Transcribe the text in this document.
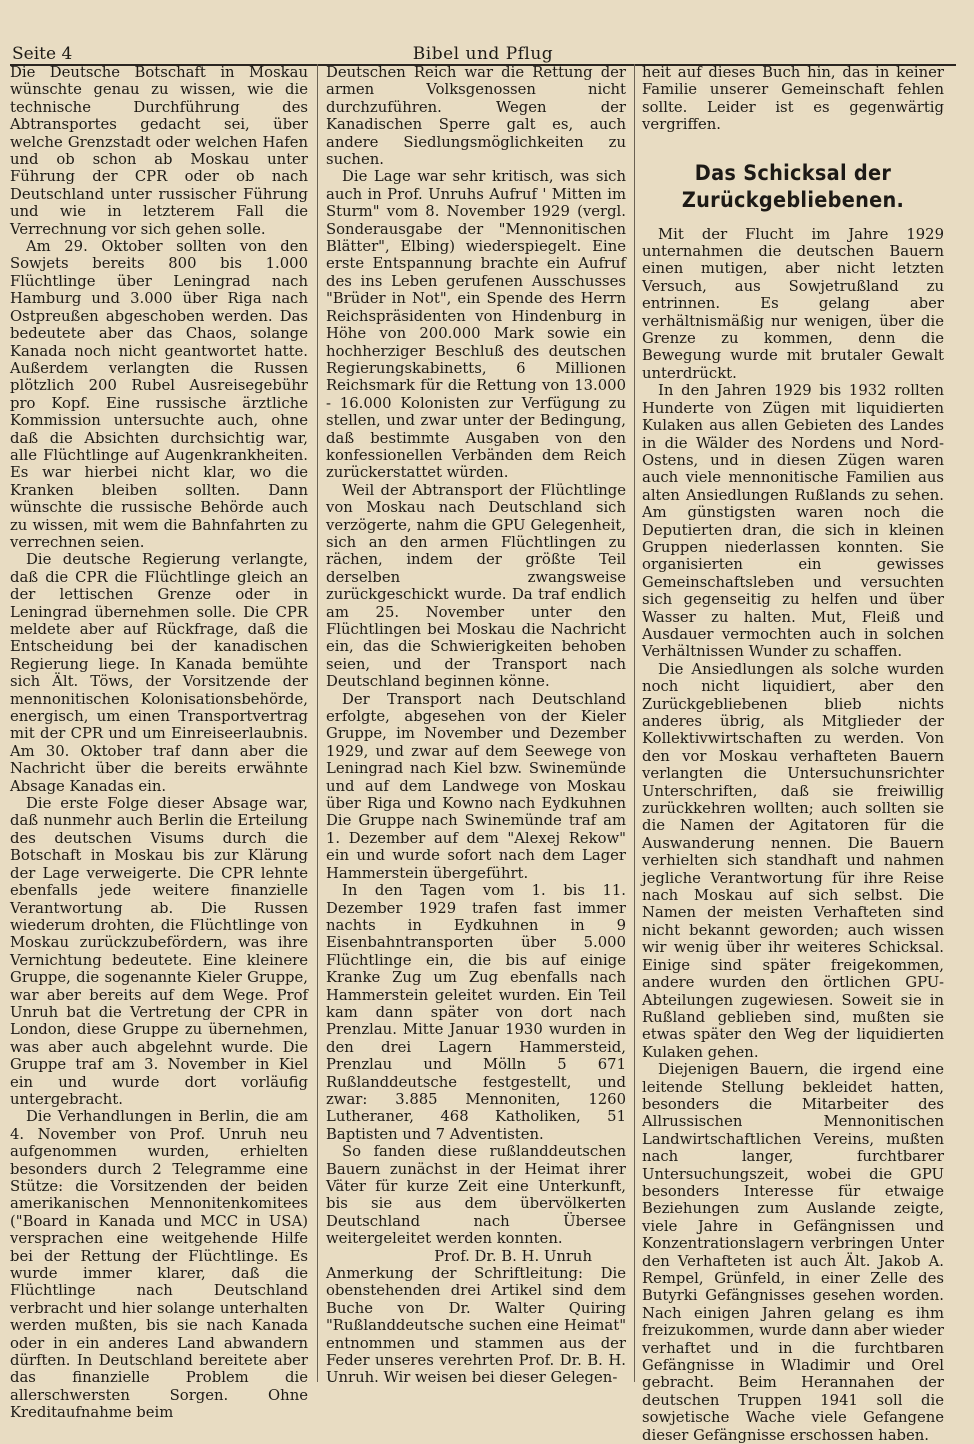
Seite 4	Bibel und Pflug

Die Deutsche Botschaft in Moskau wünschte genau zu wissen, wie die technische Durchführung des Abtransportes gedacht sei, über welche Grenzstadt oder welchen Hafen und ob schon ab Moskau unter Führung der CPR oder ob nach Deutschland unter russischer Führung und wie in letzterem Fall die Verrechnung vor sich gehen solle.

Am 29. Oktober sollten von den Sowjets bereits 800 bis 1.000 Flüchtlinge über Leningrad nach Hamburg und 3.000 über Riga nach Ostpreußen abgeschoben werden. Das bedeutete aber das Chaos, solange Kanada noch nicht geantwortet hatte. Außerdem verlangten die Russen plötzlich 200 Rubel Ausreisegebühr pro Kopf. Eine russische ärztliche Kommission untersuchte auch, ohne daß die Absichten durchsichtig war, alle Flüchtlinge auf Augenkrankheiten. Es war hierbei nicht klar, wo die Kranken bleiben sollten. Dann wünschte die russische Behörde auch zu wissen, mit wem die Bahnfahrten zu verrechnen seien.

Die deutsche Regierung verlangte, daß die CPR die Flüchtlinge gleich an der lettischen Grenze oder in Leningrad übernehmen solle. Die CPR meldete aber auf Rückfrage, daß die Entscheidung bei der kanadischen Regierung liege. In Kanada bemühte sich Ält. Töws, der Vorsitzende der mennonitischen Kolonisationsbehörde, energisch, um einen Transportvertrag mit der CPR und um Einreiseerlaubnis. Am 30. Oktober traf dann aber die Nachricht über die bereits erwähnte Absage Kanadas ein.

Die erste Folge dieser Absage war, daß nunmehr auch Berlin die Erteilung des deutschen Visums durch die Botschaft in Moskau bis zur Klärung der Lage verweigerte. Die CPR lehnte ebenfalls jede weitere finanzielle Verantwortung ab. Die Russen wiederum drohten, die Flüchtlinge von Moskau zurückzubefördern, was ihre Vernichtung bedeutete. Eine kleinere Gruppe, die sogenannte Kieler Gruppe, war aber bereits auf dem Wege. Prof Unruh bat die Vertretung der CPR in London, diese Gruppe zu übernehmen, was aber auch abgelehnt wurde. Die Gruppe traf am 3. November in Kiel ein und wurde dort vorläufig untergebracht.

Die Verhandlungen in Berlin, die am 4. November von Prof. Unruh neu aufgenommen wurden, erhielten besonders durch 2 Telegramme eine Stütze: die Vorsitzenden der beiden amerikanischen Mennonitenkomitees ("Board in Kanada und MCC in USA) versprachen eine weitgehende Hilfe bei der Rettung der Flüchtlinge. Es wurde immer klarer, daß die Flüchtlinge nach Deutschland verbracht und hier solange unterhalten werden mußten, bis sie nach Kanada oder in ein anderes Land abwandern dürften. In Deutschland bereitete aber das finanzielle Problem die allerschwersten Sorgen. Ohne Kreditaufnahme beim

Deutschen Reich war die Rettung der armen Volksgenossen nicht durchzuführen. Wegen der Kanadischen Sperre galt es, auch andere Siedlungsmöglichkeiten zu suchen.

Die Lage war sehr kritisch, was sich auch in Prof. Unruhs Aufruf ' Mitten im Sturm" vom 8. November 1929 (vergl. Sonderausgabe der "Mennonitischen Blätter", Elbing) wiederspiegelt. Eine erste Entspannung brachte ein Aufruf des ins Leben gerufenen Ausschusses "Brüder in Not", ein Spende des Herrn Reichspräsidenten von Hindenburg in Höhe von 200.000 Mark sowie ein hochherziger Beschluß des deutschen Regierungskabinetts, 6 Millionen Reichsmark für die Rettung von 13.000 - 16.000 Kolonisten zur Verfügung zu stellen, und zwar unter der Bedingung, daß bestimmte Ausgaben von den konfessionellen Verbänden dem Reich zurückerstattet würden.

Weil der Abtransport der Flüchtlinge von Moskau nach Deutschland sich verzögerte, nahm die GPU Gelegenheit, sich an den armen Flüchtlingen zu rächen, indem der größte Teil derselben zwangsweise zurückgeschickt wurde. Da traf endlich am 25. November unter den Flüchtlingen bei Moskau die Nachricht ein, das die Schwierigkeiten behoben seien, und der Transport nach Deutschland beginnen könne.

Der Transport nach Deutschland erfolgte, abgesehen von der Kieler Gruppe, im November und Dezember 1929, und zwar auf dem Seewege von Leningrad nach Kiel bzw. Swinemünde und auf dem Landwege von Moskau über Riga und Kowno nach Eydkuhnen Die Gruppe nach Swinemünde traf am 1. Dezember auf dem "Alexej Rekow" ein und wurde sofort nach dem Lager Hammerstein übergeführt.

In den Tagen vom 1. bis 11. Dezember 1929 trafen fast immer nachts in Eydkuhnen in 9 Eisenbahntransporten über 5.000 Flüchtlinge ein, die bis auf einige Kranke Zug um Zug ebenfalls nach Hammerstein geleitet wurden. Ein Teil kam dann später von dort nach Prenzlau. Mitte Januar 1930 wurden in den drei Lagern Hammersteid, Prenzlau und Mölln 5 671 Rußlanddeutsche festgestellt, und zwar: 3.885 Mennoniten, 1260 Lutheraner, 468 Katholiken, 51 Baptisten und 7 Adventisten.

So fanden diese rußlanddeutschen Bauern zunächst in der Heimat ihrer Väter für kurze Zeit eine Unterkunft, bis sie aus dem übervölkerten Deutschland nach Übersee weitergeleitet werden konnten.

Prof. Dr. B. H. Unruh

Anmerkung der Schriftleitung: Die obenstehenden drei Artikel sind dem Buche von Dr. Walter Quiring "Rußlanddeutsche suchen eine Heimat" entnommen und stammen aus der Feder unseres verehrten Prof. Dr. B. H. Unruh. Wir weisen bei dieser Gelegen-

heit auf dieses Buch hin, das in keiner Familie unserer Gemeinschaft fehlen sollte. Leider ist es gegenwärtig vergriffen.

Das Schicksal der Zurückgebliebenen.

Mit der Flucht im Jahre 1929 unternahmen die deutschen Bauern einen mutigen, aber nicht letzten Versuch, aus Sowjetrußland zu entrinnen. Es gelang aber verhältnismäßig nur wenigen, über die Grenze zu kommen, denn die Bewegung wurde mit brutaler Gewalt unterdrückt.

In den Jahren 1929 bis 1932 rollten Hunderte von Zügen mit liquidierten Kulaken aus allen Gebieten des Landes in die Wälder des Nordens und Nord-Ostens, und in diesen Zügen waren auch viele mennonitische Familien aus alten Ansiedlungen Rußlands zu sehen. Am günstigsten waren noch die Deputierten dran, die sich in kleinen Gruppen niederlassen konnten. Sie organisierten ein gewisses Gemeinschaftsleben und versuchten sich gegenseitig zu helfen und über Wasser zu halten. Mut, Fleiß und Ausdauer vermochten auch in solchen Verhältnissen Wunder zu schaffen.

Die Ansiedlungen als solche wurden noch nicht liquidiert, aber den Zurückgebliebenen blieb nichts anderes übrig, als Mitglieder der Kollektivwirtschaften zu werden. Von den vor Moskau verhafteten Bauern verlangten die Untersuchunsrichter Unterschriften, daß sie freiwillig zurückkehren wollten; auch sollten sie die Namen der Agitatoren für die Auswanderung nennen. Die Bauern verhielten sich standhaft und nahmen jegliche Verantwortung für ihre Reise nach Moskau auf sich selbst. Die Namen der meisten Verhafteten sind nicht bekannt geworden; auch wissen wir wenig über ihr weiteres Schicksal. Einige sind später freigekommen, andere wurden den örtlichen GPU-Abteilungen zugewiesen. Soweit sie in Rußland geblieben sind, mußten sie etwas später den Weg der liquidierten Kulaken gehen.

Diejenigen Bauern, die irgend eine leitende Stellung bekleidet hatten, besonders die Mitarbeiter des Allrussischen Mennonitischen Landwirtschaftlichen Vereins, mußten nach langer, furchtbarer Untersuchungszeit, wobei die GPU besonders Interesse für etwaige Beziehungen zum Auslande zeigte, viele Jahre in Gefängnissen und Konzentrationslagern verbringen Unter den Verhafteten ist auch Ält. Jakob A. Rempel, Grünfeld, in einer Zelle des Butyrki Gefängnisses gesehen worden. Nach einigen Jahren gelang es ihm freizukommen, wurde dann aber wieder verhaftet und in die furchtbaren Gefängnisse in Wladimir und Orel gebracht. Beim Herannahen der deutschen Truppen 1941 soll die sowjetische Wache viele Gefangene dieser Gefängnisse erschossen haben.
